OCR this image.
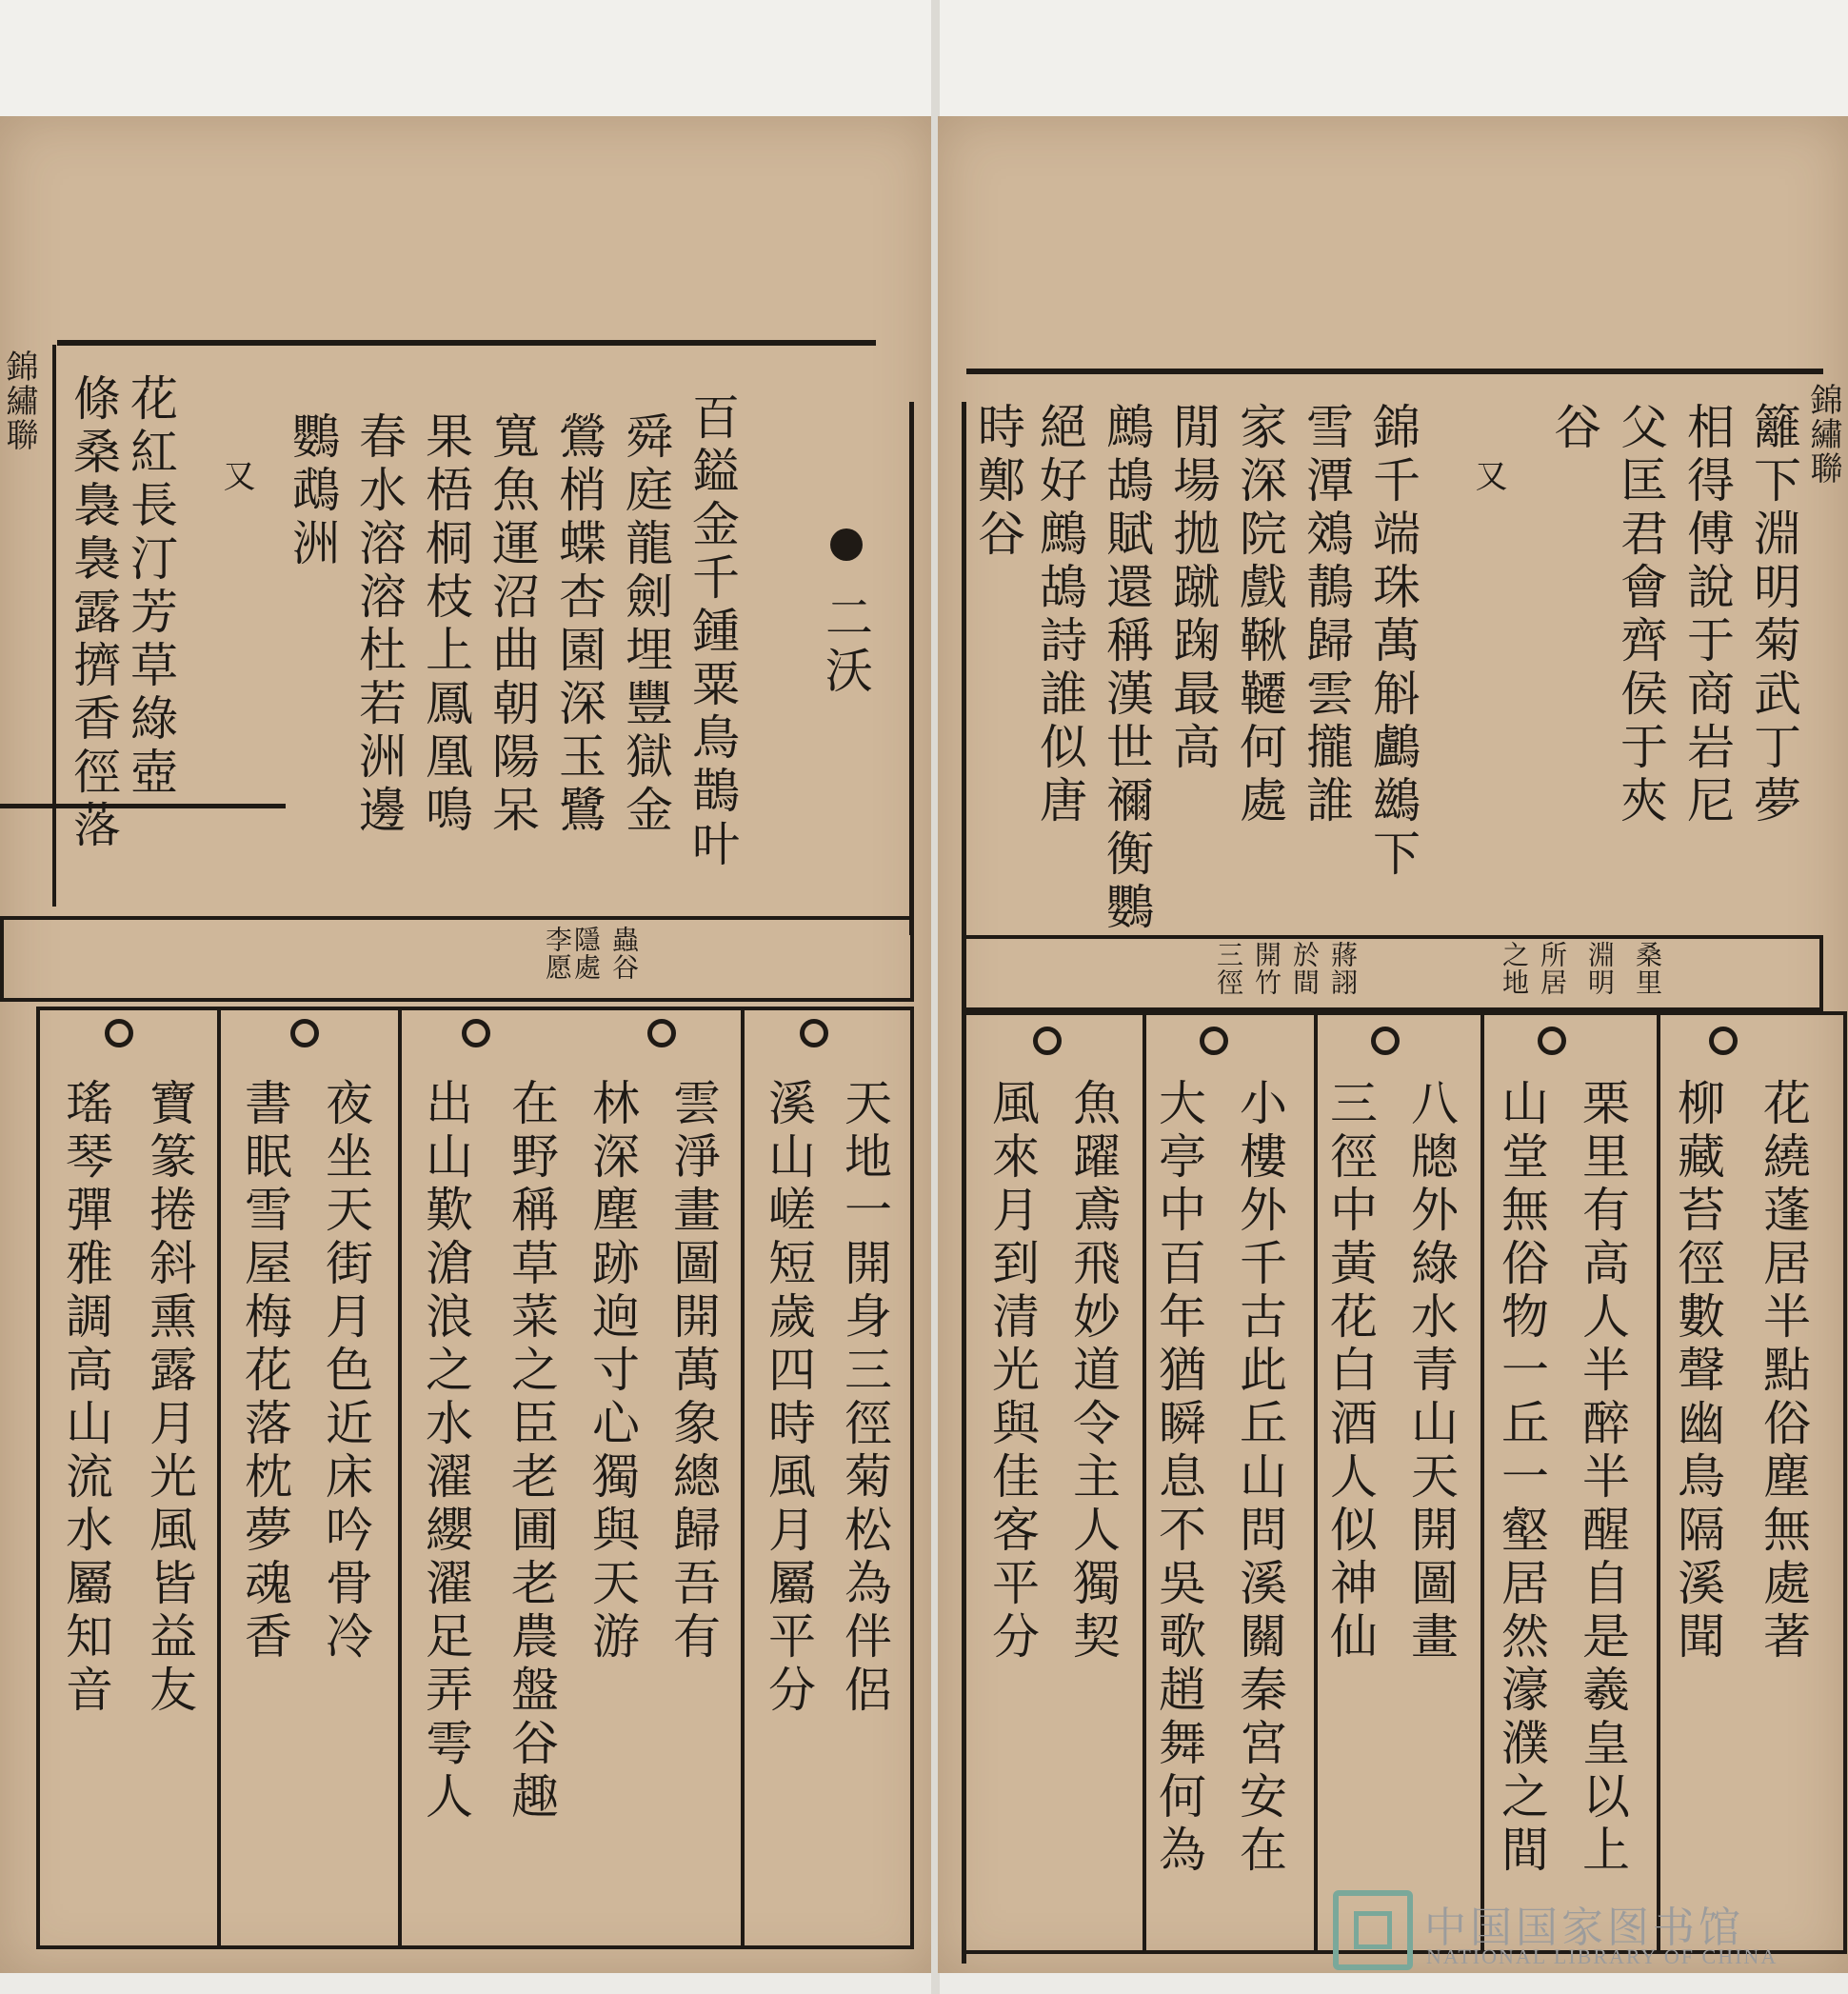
錦繡聯 條桑裊裊露擠香徑落 花紅長汀芳草綠壺 又 鸚鵡洲 春水溶溶杜若洲邊 果梧桐枝上鳳凰鳴 寬魚運沼曲朝陽呆 鶯梢蝶杏園深玉鷺 舜庭龍劍埋豐獄金 百鎰金千鍾粟鳥鵲叶 二沃
蟲谷
隱處
李愿
瑤琴彈雅調高山流水屬知音 寶篆捲斜熏露月光風皆益友 書眠雪屋梅花落枕夢魂香 夜坐天街月色近床吟骨冷 出山歎滄浪之水濯纓濯足弄雩人 在野稱草菜之臣老圃老農盤谷趣 林深塵跡逈寸心獨與天游 雲淨畫圖開萬象總歸吾有 溪山嵯短歲四時風月屬平分 天地一開身三徑菊松為伴侶
時鄭谷 絕好鷓鴣詩誰似唐 鷓鴣賦還稱漢世禰衡鸚 閒場拋蹴踘最高 家深院戲鞦韆何處 雪潭鵁鶄歸雲攏誰 錦千端珠萬斛鸕鷀下 又
谷 父匡君會齊侯于夾 相得傅說于商岩尼 籬下淵明菊武丁夢 錦繡聯
三徑 開竹 於間 蔣詡	之地 所居 淵明 桑里
風來月到清光與佳客平分 魚躍鳶飛妙道令主人獨契 大亭中百年猶瞬息不吳歌趙舞何為 小樓外千古此丘山問溪關秦宮安在 三徑中黃花白酒人似神仙 八牕外綠水青山天開圖畫 山堂無俗物一丘一壑居然濠濮之間 栗里有高人半醉半醒自是羲皇以上 柳藏苔徑數聲幽鳥隔溪聞 花繞蓬居半點俗塵無處著
中国国家图书馆
NATIONAL LIBRARY OF CHINA
